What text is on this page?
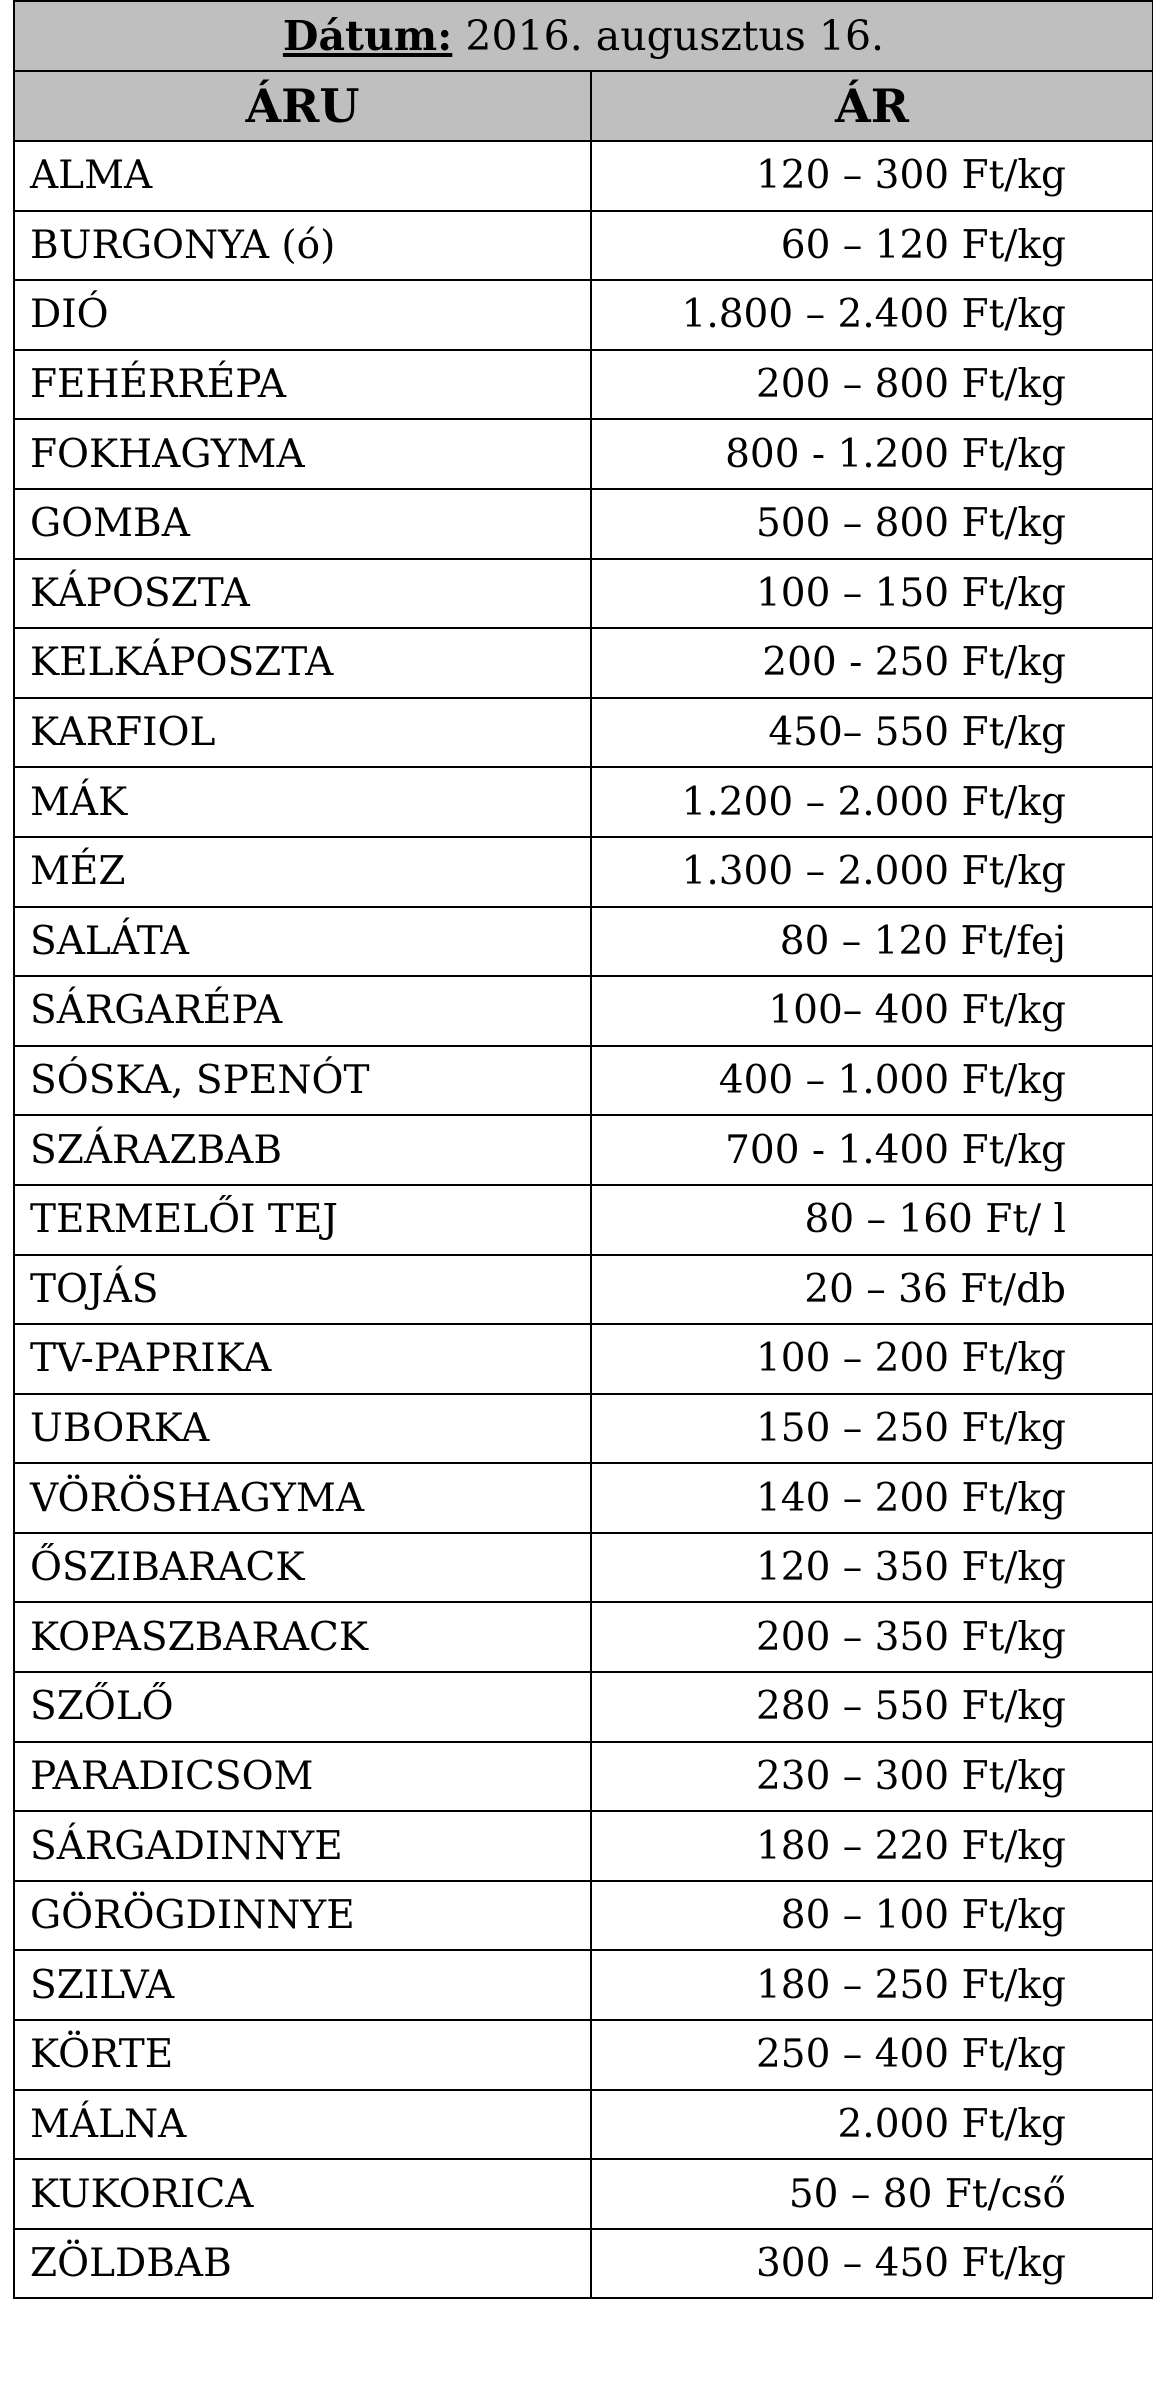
Dátum: 2016. augusztus 16.	
ÁRU	ÁR
ALMA	120 – 300 Ft/kg
BURGONYA (ó)	60 – 120 Ft/kg
DIÓ	1.800 – 2.400 Ft/kg
FEHÉRRÉPA	200 – 800 Ft/kg
FOKHAGYMA	800 - 1.200 Ft/kg
GOMBA	500 – 800 Ft/kg
KÁPOSZTA	100 – 150 Ft/kg
KELKÁPOSZTA	200 - 250 Ft/kg
KARFIOL	450– 550 Ft/kg
MÁK	1.200 – 2.000 Ft/kg
MÉZ	1.300 – 2.000 Ft/kg
SALÁTA	80 – 120 Ft/fej
SÁRGARÉPA	100– 400 Ft/kg
SÓSKA, SPENÓT	400 – 1.000 Ft/kg
SZÁRAZBAB	700 - 1.400 Ft/kg
TERMELŐI TEJ	80 – 160 Ft/ l
TOJÁS	20 – 36 Ft/db
TV-PAPRIKA	100 – 200 Ft/kg
UBORKA	150 – 250 Ft/kg
VÖRÖSHAGYMA	140 – 200 Ft/kg
ŐSZIBARACK	120 – 350 Ft/kg
KOPASZBARACK	200 – 350 Ft/kg
SZŐLŐ	280 – 550 Ft/kg
PARADICSOM	230 – 300 Ft/kg
SÁRGADINNYE	180 – 220 Ft/kg
GÖRÖGDINNYE	80 – 100 Ft/kg
SZILVA	180 – 250 Ft/kg
KÖRTE	250 – 400 Ft/kg
MÁLNA	2.000 Ft/kg
KUKORICA	50 – 80 Ft/cső
ZÖLDBAB	300 – 450 Ft/kg
